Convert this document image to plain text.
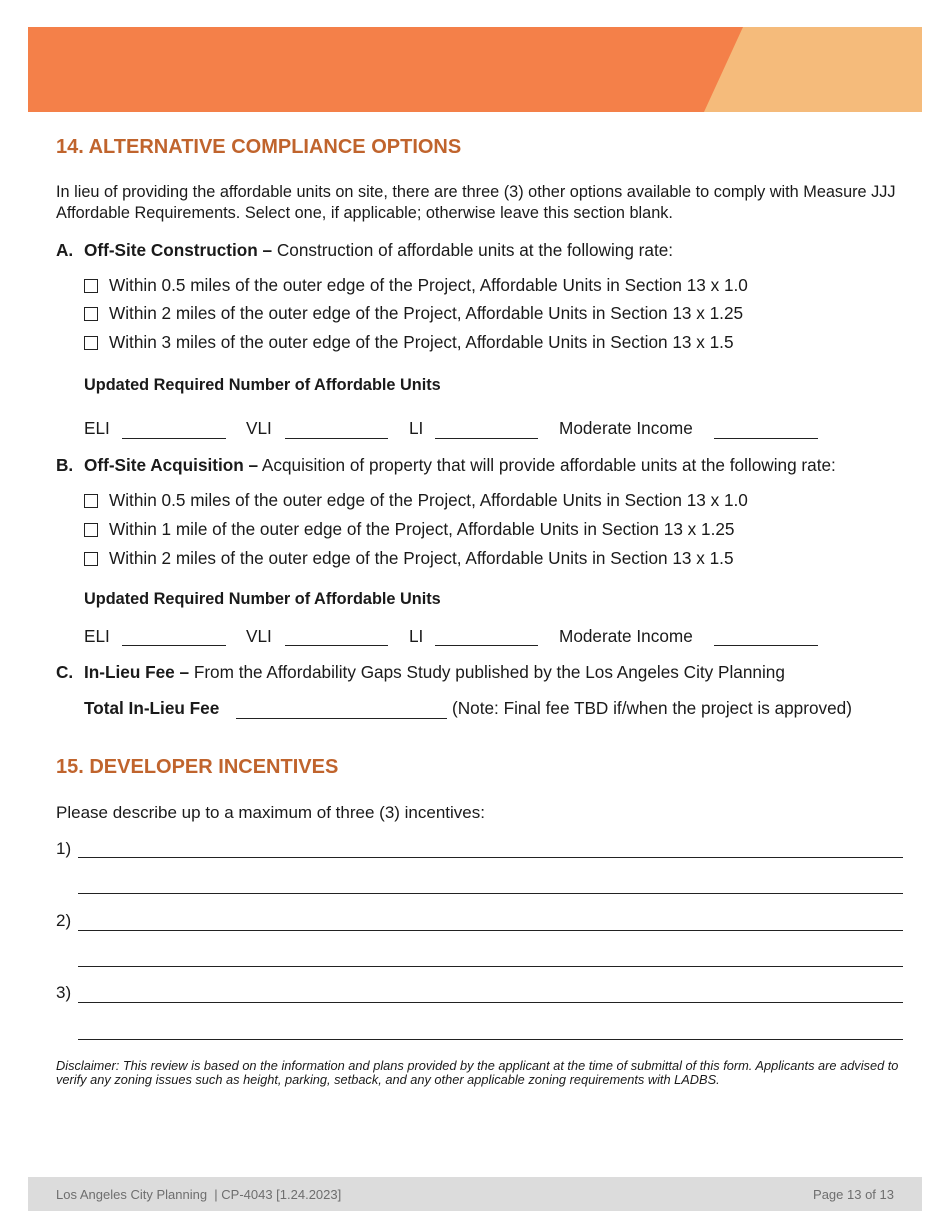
14. ALTERNATIVE COMPLIANCE OPTIONS
In lieu of providing the affordable units on site, there are three (3) other options available to comply with Measure JJJ Affordable Requirements. Select one, if applicable; otherwise leave this section blank.
A. Off-Site Construction – Construction of affordable units at the following rate:
Within 0.5 miles of the outer edge of the Project, Affordable Units in Section 13 x 1.0
Within 2 miles of the outer edge of the Project, Affordable Units in Section 13 x 1.25
Within 3 miles of the outer edge of the Project, Affordable Units in Section 13 x 1.5
Updated Required Number of Affordable Units
ELI	VLI	LI	Moderate Income
B. Off-Site Acquisition – Acquisition of property that will provide affordable units at the following rate:
Within 0.5 miles of the outer edge of the Project, Affordable Units in Section 13 x 1.0
Within 1 mile of the outer edge of the Project, Affordable Units in Section 13 x 1.25
Within 2 miles of the outer edge of the Project, Affordable Units in Section 13 x 1.5
Updated Required Number of Affordable Units
ELI	VLI	LI	Moderate Income
C. In-Lieu Fee – From the Affordability Gaps Study published by the Los Angeles City Planning
Total In-Lieu Fee	(Note: Final fee TBD if/when the project is approved)
15. DEVELOPER INCENTIVES
Please describe up to a maximum of three (3) incentives:
1)
2)
3)
Disclaimer: This review is based on the information and plans provided by the applicant at the time of submittal of this form. Applicants are advised to verify any zoning issues such as height, parking, setback, and any other applicable zoning requirements with LADBS.
Los Angeles City Planning  | CP-4043 [1.24.2023]	Page 13 of 13
